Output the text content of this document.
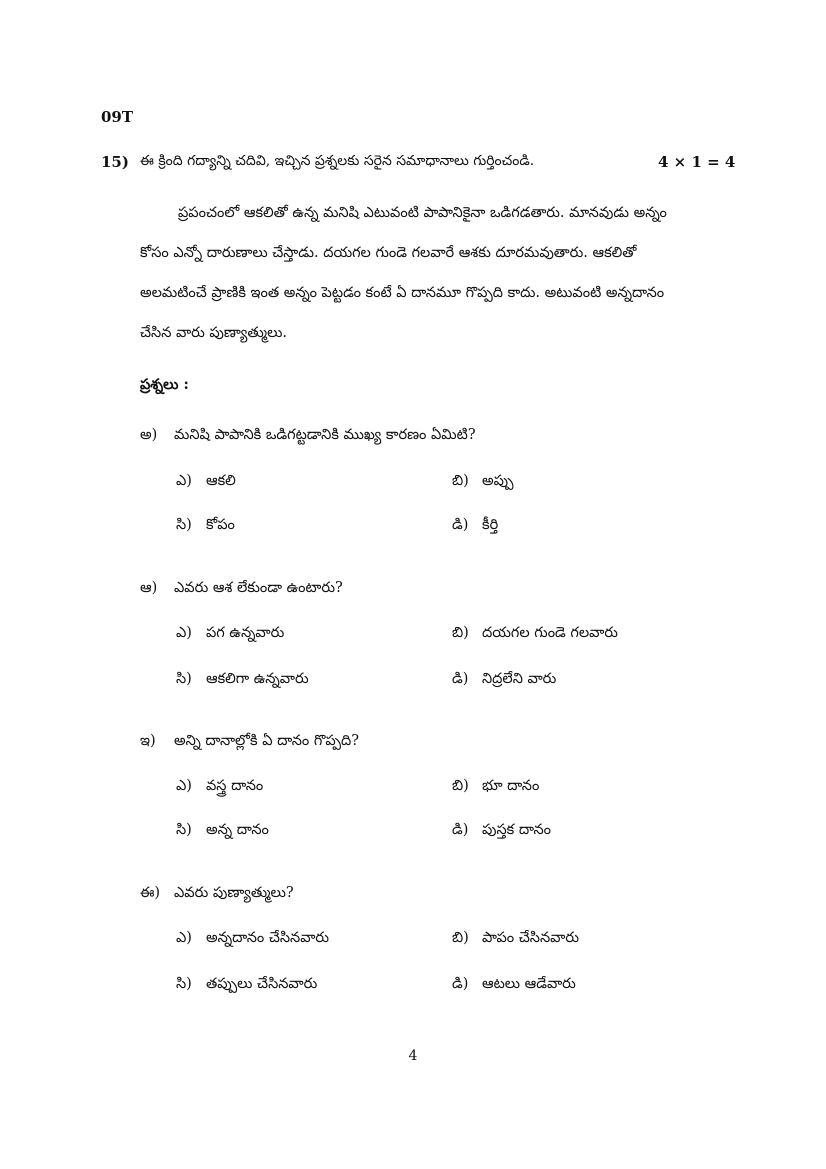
09T
15) ఈ క్రింది గద్యాన్ని చదివి, ఇచ్చిన ప్రశ్నలకు సరైన సమాధానాలు గుర్తించండి.	4 × 1 = 4
ప్రపంచంలో ఆకలితో ఉన్న మనిషి ఎటువంటి పాపానికైనా ఒడిగడతారు. మానవుడు అన్నం కోసం ఎన్నో దారుణాలు చేస్తాడు. దయగల గుండె గలవారే ఆశకు దూరమవుతారు. ఆకలితో అలమటించే ప్రాణికి ఇంత అన్నం పెట్టడం కంటే ఏ దానమూ గొప్పది కాదు. అటువంటి అన్నదానం చేసిన వారు పుణ్యాత్ములు.
ప్రశ్నలు :
అ) మనిషి పాపానికి ఒడిగట్టడానికి ముఖ్య కారణం ఏమిటి?
ఎ) ఆకలి	బి) అప్పు
సి) కోపం	డి) కీర్తి
ఆ) ఎవరు ఆశ లేకుండా ఉంటారు?
ఎ) పగ ఉన్నవారు	బి) దయగల గుండె గలవారు
సి) ఆకలిగా ఉన్నవారు	డి) నిద్రలేని వారు
ఇ) అన్ని దానాల్లోకి ఏ దానం గొప్పది?
ఎ) వస్త్ర దానం	బి) భూ దానం
సి) అన్న దానం	డి) పుస్తక దానం
ఈ) ఎవరు పుణ్యాత్ములు?
ఎ) అన్నదానం చేసినవారు	బి) పాపం చేసినవారు
సి) తప్పులు చేసినవారు	డి) ఆటలు ఆడేవారు
4
